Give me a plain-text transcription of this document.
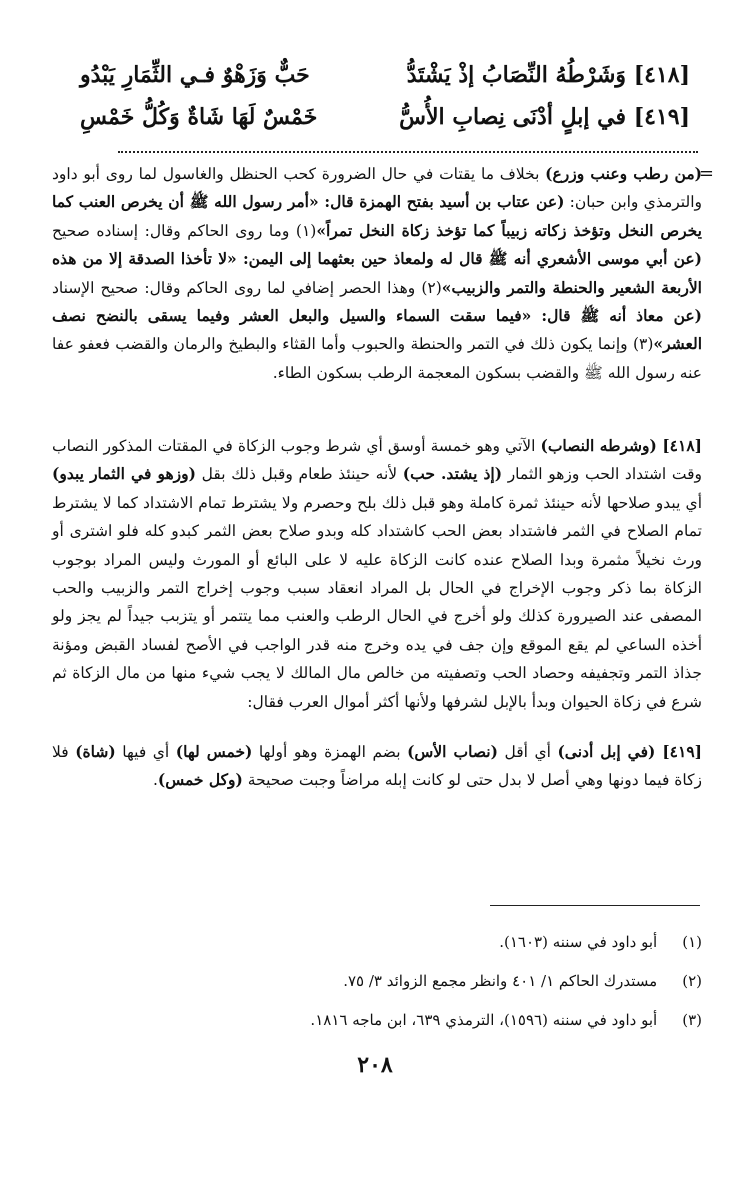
[٤١٨] وَشَرْطُهُ النِّصَابُ إذْ يَشْتَدُّ
حَبٌّ وَزَهْوٌ فـي الثِّمَارِ يَبْدُو
[٤١٩] في إبلٍ أدْنَى نِصابِ الأُسُّ
خَمْسٌ لَهَا شَاةٌ وَكُلُّ خَمْسِ
=
(من رطب وعنب وزرع) بخلاف ما يقتات في حال الضرورة كحب الحنظل والغاسول لما روى أبو داود والترمذي وابن حبان: (عن عتاب بن أسيد بفتح الهمزة قال: «أمر رسول الله ﷺ أن يخرص العنب كما يخرص النخل وتؤخذ زكاته زبيباً كما تؤخذ زكاة النخل تمراً»(١) وما روى الحاكم وقال: إسناده صحيح (عن أبي موسى الأشعري أنه ﷺ قال له ولمعاذ حين بعثهما إلى اليمن: «لا تأخذا الصدقة إلا من هذه الأربعة الشعير والحنطة والتمر والزبيب»(٢) وهذا الحصر إضافي لما روى الحاكم وقال: صحيح الإسناد (عن معاذ أنه ﷺ قال: «فيما سقت السماء والسيل والبعل العشر وفيما يسقى بالنضح نصف العشر»(٣) وإنما يكون ذلك في التمر والحنطة والحبوب وأما القثاء والبطيخ والرمان والقضب فعفو عفا عنه رسول الله ﷺ والقضب بسكون المعجمة الرطب بسكون الطاء.
[٤١٨] (وشرطه النصاب) الآتي وهو خمسة أوسق أي شرط وجوب الزكاة في المقتات المذكور النصاب وقت اشتداد الحب وزهو الثمار (إذ يشتد. حب) لأنه حينئذ طعام وقبل ذلك بقل (وزهو في الثمار يبدو) أي يبدو صلاحها لأنه حينئذ ثمرة كاملة وهو قبل ذلك بلح وحصرم ولا يشترط تمام الاشتداد كما لا يشترط تمام الصلاح في الثمر فاشتداد بعض الحب كاشتداد كله وبدو صلاح بعض الثمر كبدو كله فلو اشترى أو ورث نخيلاً مثمرة وبدا الصلاح عنده كانت الزكاة عليه لا على البائع أو المورث وليس المراد بوجوب الزكاة بما ذكر وجوب الإخراج في الحال بل المراد انعقاد سبب وجوب إخراج التمر والزبيب والحب المصفى عند الصيرورة كذلك ولو أخرج في الحال الرطب والعنب مما يتتمر أو يتزبب جيداً لم يجز ولو أخذه الساعي لم يقع الموقع وإن جف في يده وخرج منه قدر الواجب في الأصح لفساد القبض ومؤنة جذاذ التمر وتجفيفه وحصاد الحب وتصفيته من خالص مال المالك لا يجب شيء منها من مال الزكاة ثم شرع في زكاة الحيوان وبدأ بالإبل لشرفها ولأنها أكثر أموال العرب فقال:
[٤١٩] (في إبل أدنى) أي أقل (نصاب الأس) بضم الهمزة وهو أولها (خمس لها) أي فيها (شاة) فلا زكاة فيما دونها وهي أصل لا بدل حتى لو كانت إبله مراضاً وجبت صحيحة (وكل خمس).
(١) أبو داود في سننه (١٦٠٣).
(٢) مستدرك الحاكم ١/ ٤٠١ وانظر مجمع الزوائد ٣/ ٧٥.
(٣) أبو داود في سننه (١٥٩٦)، الترمذي ٦٣٩، ابن ماجه ١٨١٦.
٢٠٨
